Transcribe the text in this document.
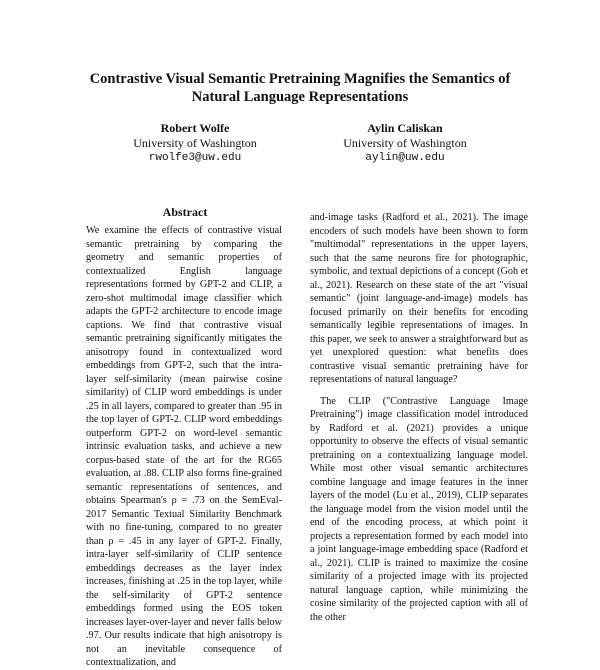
Contrastive Visual Semantic Pretraining Magnifies the Semantics of
Natural Language Representations
Robert Wolfe
University of Washington
rwolfe3@uw.edu
Aylin Caliskan
University of Washington
aylin@uw.edu
Abstract

We examine the effects of contrastive visual semantic pretraining by comparing the geometry and semantic properties of contextualized English language representations formed by GPT-2 and CLIP, a zero-shot multimodal image classifier which adapts the GPT-2 architecture to encode image captions. We find that contrastive visual semantic pretraining significantly mitigates the anisotropy found in contextualized word embeddings from GPT-2, such that the intra-layer self-similarity (mean pairwise cosine similarity) of CLIP word embeddings is under .25 in all layers, compared to greater than .95 in the top layer of GPT-2. CLIP word embeddings outperform GPT-2 on word-level semantic intrinsic evaluation tasks, and achieve a new corpus-based state of the art for the RG65 evaluation, at .88. CLIP also forms fine-grained semantic representations of sentences, and obtains Spearman's ρ = .73 on the SemEval-2017 Semantic Textual Similarity Benchmark with no fine-tuning, compared to no greater than ρ = .45 in any layer of GPT-2. Finally, intra-layer self-similarity of CLIP sentence embeddings decreases as the layer index increases, finishing at .25 in the top layer, while the self-similarity of GPT-2 sentence embeddings formed using the EOS token increases layer-over-layer and never falls below .97. Our results indicate that high anisotropy is not an inevitable consequence of contextualization, and

and-image tasks (Radford et al., 2021). The image encoders of such models have been shown to form "multimodal" representations in the upper layers, such that the same neurons fire for photographic, symbolic, and textual depictions of a concept (Goh et al., 2021). Research on these state of the art "visual semantic" (joint language-and-image) models has focused primarily on their benefits for encoding semantically legible representations of images. In this paper, we seek to answer a straightforward but as yet unexplored question: what benefits does contrastive visual semantic pretraining have for representations of natural language?

The CLIP ("Contrastive Language Image Pretraining") image classification model introduced by Radford et al. (2021) provides a unique opportunity to observe the effects of visual semantic pretraining on a contextualizing language model. While most other visual semantic architectures combine language and image features in the inner layers of the model (Lu et al., 2019), CLIP separates the language model from the vision model until the end of the encoding process, at which point it projects a representation formed by each model into a joint language-image embedding space (Radford et al., 2021). CLIP is trained to maximize the cosine similarity of a projected image with its projected natural language caption, while minimizing the cosine similarity of the projected caption with all of the other
